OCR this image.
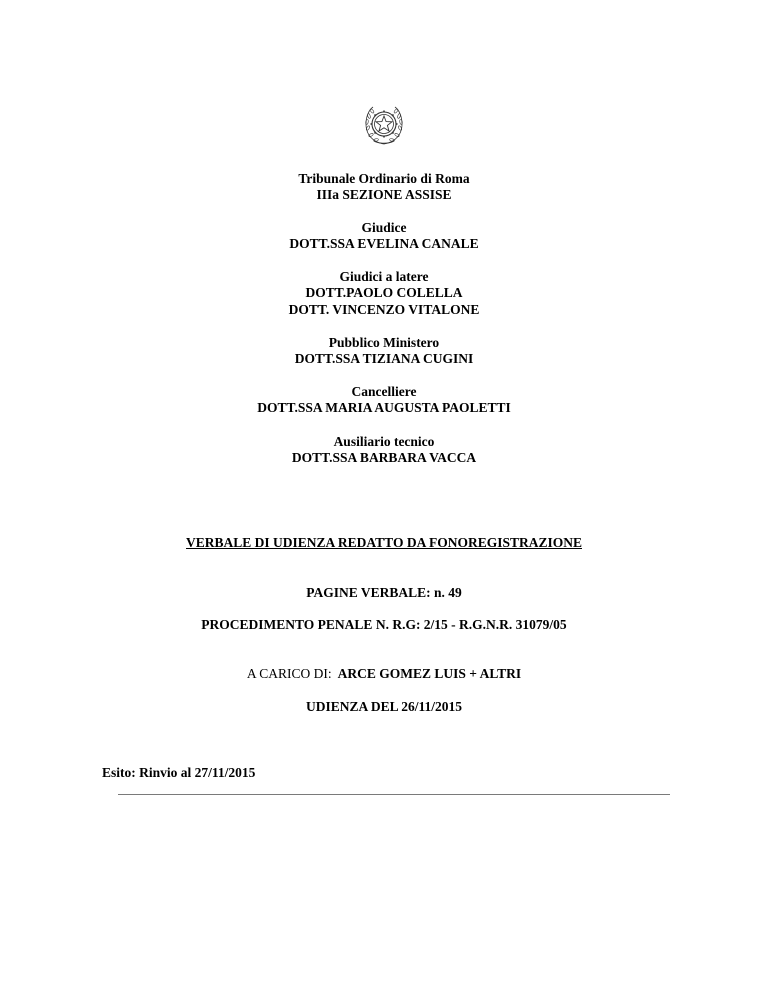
Tribunale Ordinario di Roma
IIIa SEZIONE ASSISE
Giudice
DOTT.SSA EVELINA CANALE
Giudici a latere
DOTT.PAOLO COLELLA
DOTT. VINCENZO VITALONE
Pubblico Ministero
DOTT.SSA TIZIANA CUGINI
Cancelliere
DOTT.SSA MARIA AUGUSTA PAOLETTI
Ausiliario tecnico
DOTT.SSA BARBARA VACCA
VERBALE DI UDIENZA REDATTO DA FONOREGISTRAZIONE
PAGINE VERBALE: n. 49
PROCEDIMENTO PENALE N. R.G: 2/15 - R.G.N.R. 31079/05
A CARICO DI: ARCE GOMEZ LUIS + ALTRI
UDIENZA DEL 26/11/2015
Esito: Rinvio al 27/11/2015
